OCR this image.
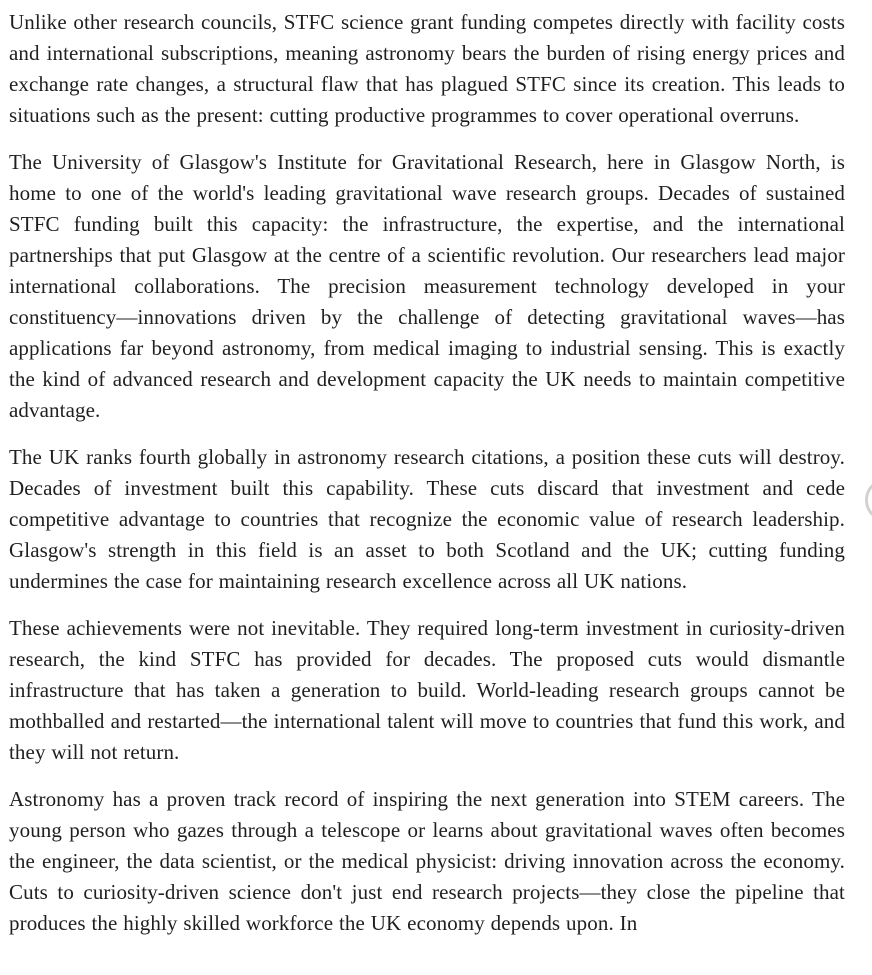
Unlike other research councils, STFC science grant funding competes directly with facility costs and international subscriptions, meaning astronomy bears the burden of rising energy prices and exchange rate changes, a structural flaw that has plagued STFC since its creation. This leads to situations such as the present: cutting productive programmes to cover operational overruns.

The University of Glasgow's Institute for Gravitational Research, here in Glasgow North, is home to one of the world's leading gravitational wave research groups. Decades of sustained STFC funding built this capacity: the infrastructure, the expertise, and the international partnerships that put Glasgow at the centre of a scientific revolution. Our researchers lead major international collaborations. The precision measurement technology developed in your constituency—innovations driven by the challenge of detecting gravitational waves—has applications far beyond astronomy, from medical imaging to industrial sensing. This is exactly the kind of advanced research and development capacity the UK needs to maintain competitive advantage.

The UK ranks fourth globally in astronomy research citations, a position these cuts will destroy. Decades of investment built this capability. These cuts discard that investment and cede competitive advantage to countries that recognize the economic value of research leadership. Glasgow's strength in this field is an asset to both Scotland and the UK; cutting funding undermines the case for maintaining research excellence across all UK nations.

These achievements were not inevitable. They required long-term investment in curiosity-driven research, the kind STFC has provided for decades. The proposed cuts would dismantle infrastructure that has taken a generation to build. World-leading research groups cannot be mothballed and restarted—the international talent will move to countries that fund this work, and they will not return.

Astronomy has a proven track record of inspiring the next generation into STEM careers. The young person who gazes through a telescope or learns about gravitational waves often becomes the engineer, the data scientist, or the medical physicist: driving innovation across the economy. Cuts to curiosity-driven science don't just end research projects—they close the pipeline that produces the highly skilled workforce the UK economy depends upon. In
